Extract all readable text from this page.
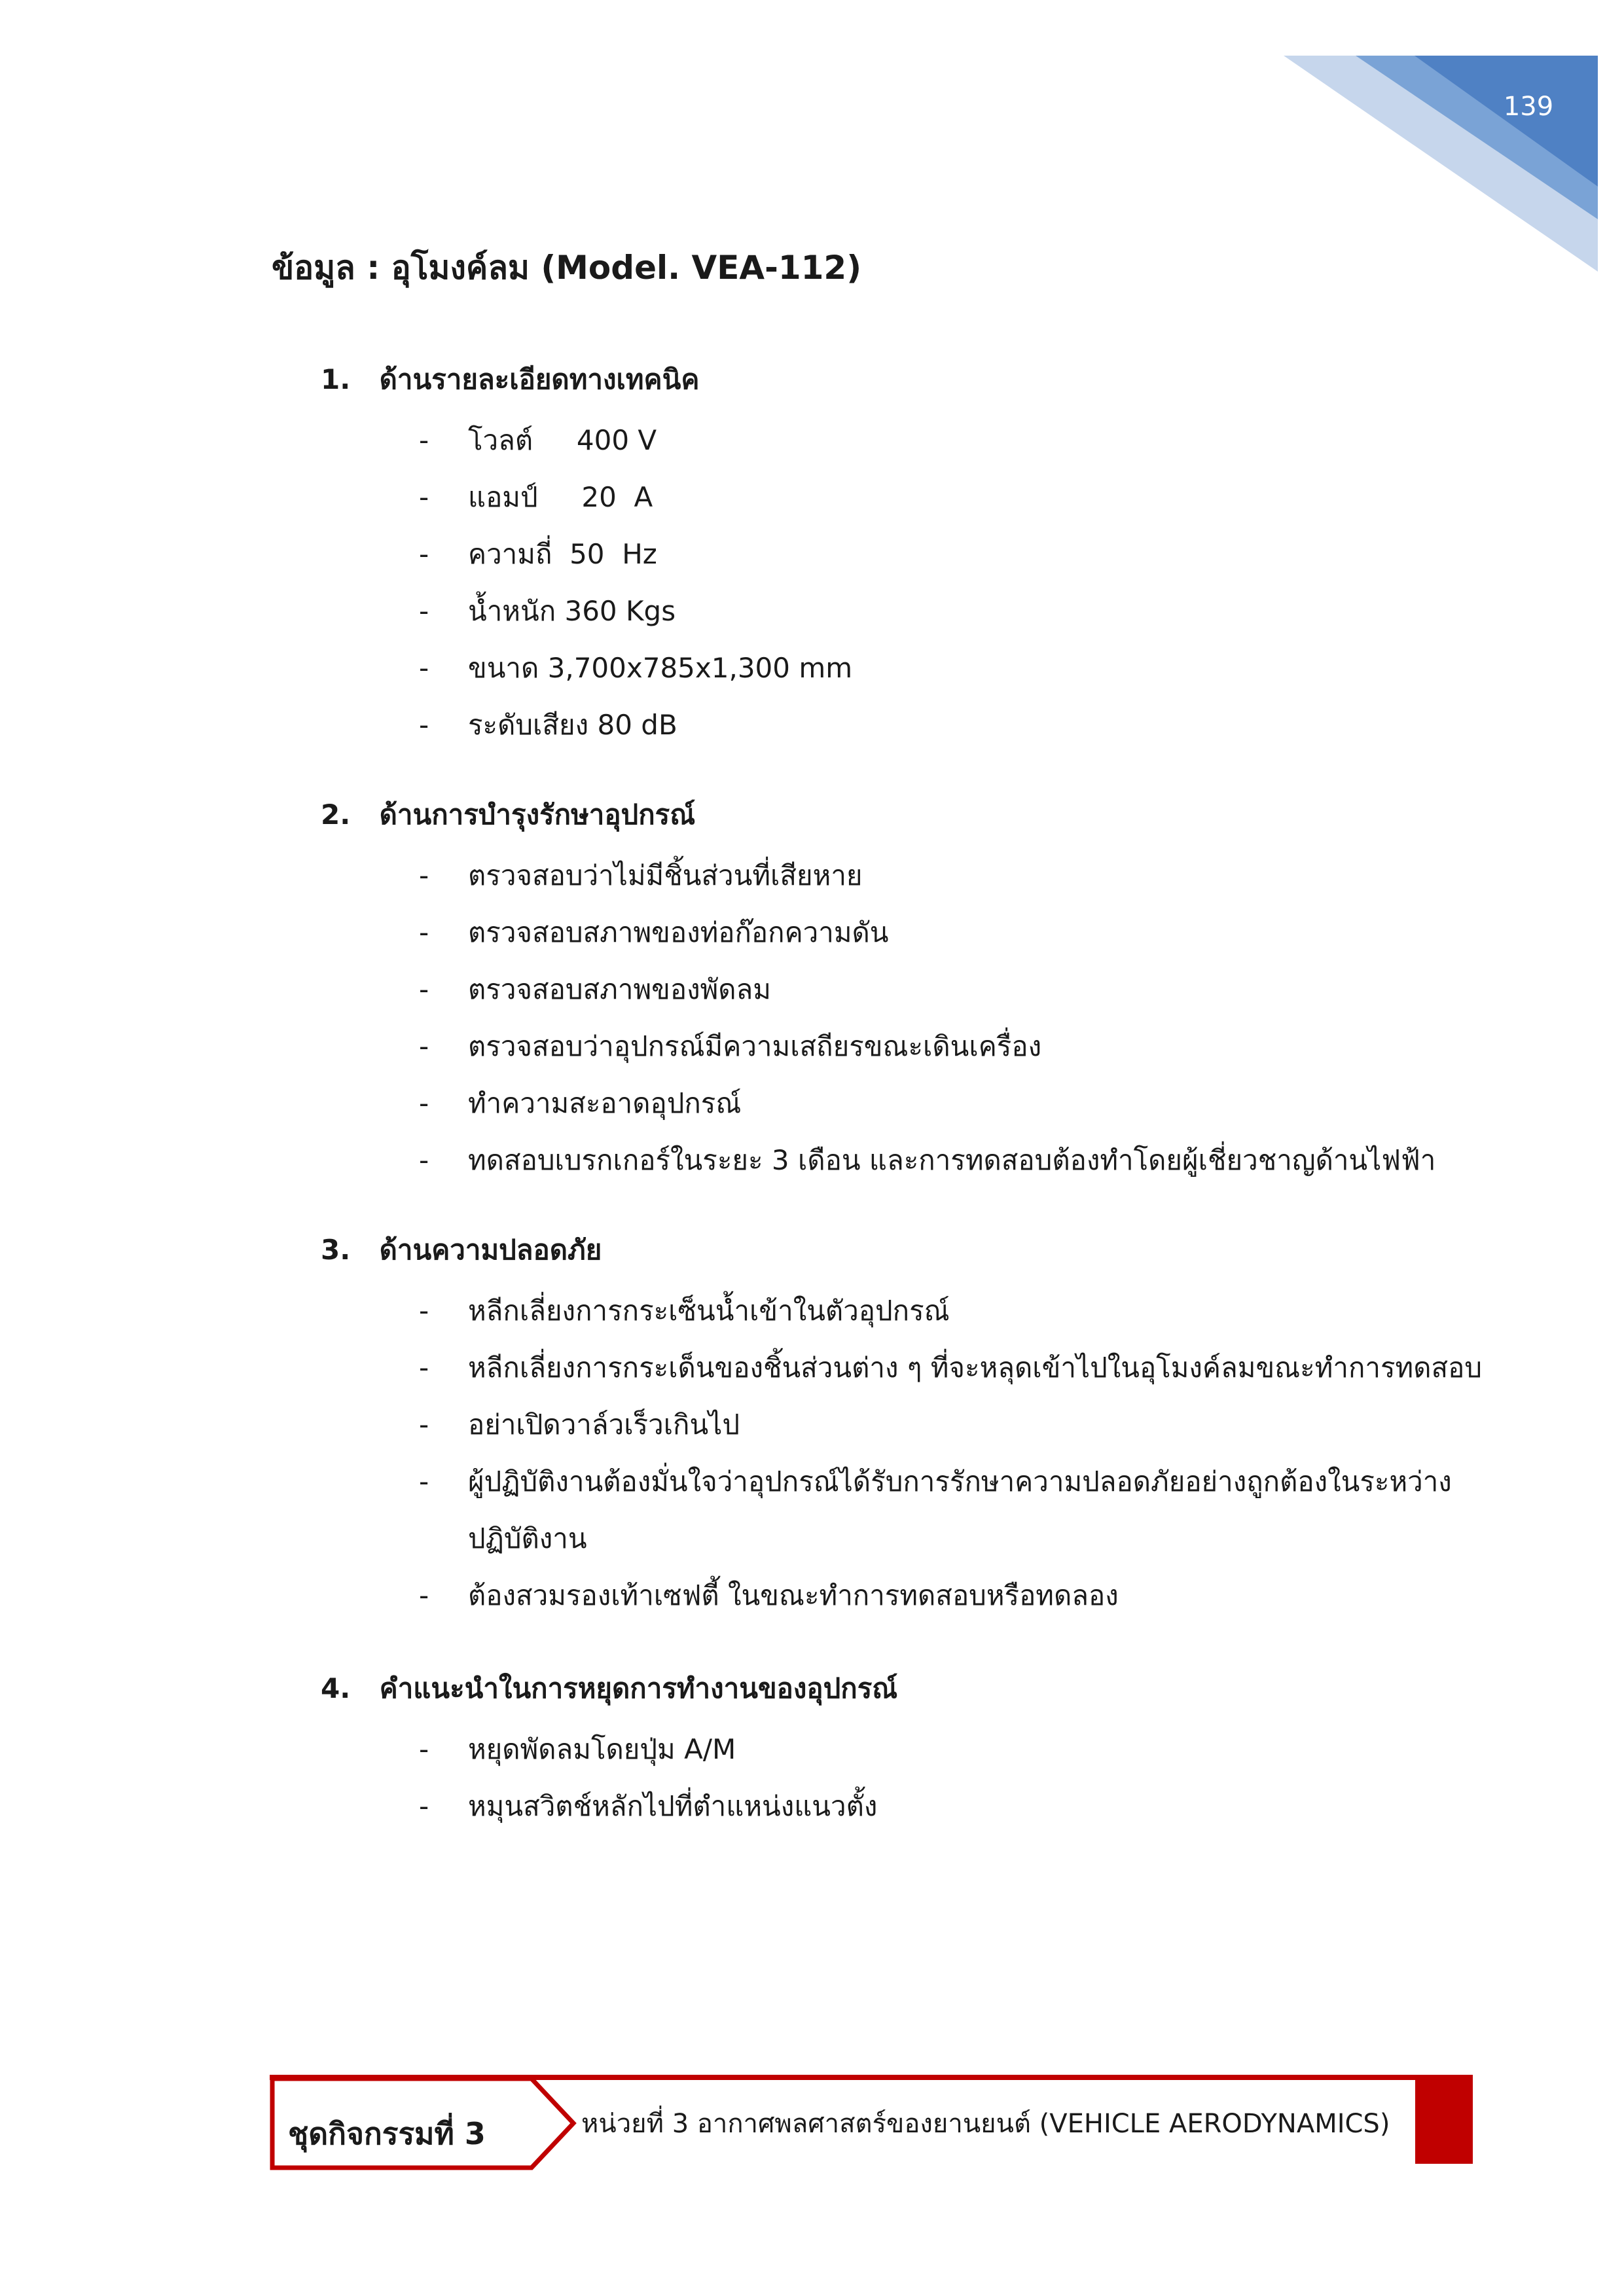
139
ข้อมูล : อุโมงค์ลม (Model. VEA-112)
1. ด้านรายละเอียดทางเทคนิค
- โวลต์     400 V
- แอมป์     20  A
- ความถี่  50  Hz
- น้ำหนัก 360 Kgs
- ขนาด 3,700x785x1,300 mm
- ระดับเสียง 80 dB
2. ด้านการบำรุงรักษาอุปกรณ์
- ตรวจสอบว่าไม่มีชิ้นส่วนที่เสียหาย
- ตรวจสอบสภาพของท่อก๊อกความดัน
- ตรวจสอบสภาพของพัดลม
- ตรวจสอบว่าอุปกรณ์มีความเสถียรขณะเดินเครื่อง
- ทำความสะอาดอุปกรณ์
- ทดสอบเบรกเกอร์ในระยะ 3 เดือน และการทดสอบต้องทำโดยผู้เชี่ยวชาญด้านไฟฟ้า
3. ด้านความปลอดภัย
- หลีกเลี่ยงการกระเซ็นน้ำเข้าในตัวอุปกรณ์
- หลีกเลี่ยงการกระเด็นของชิ้นส่วนต่าง ๆ ที่จะหลุดเข้าไปในอุโมงค์ลมขณะทำการทดสอบ
- อย่าเปิดวาล์วเร็วเกินไป
- ผู้ปฏิบัติงานต้องมั่นใจว่าอุปกรณ์ได้รับการรักษาความปลอดภัยอย่างถูกต้องในระหว่าง
ปฏิบัติงาน
- ต้องสวมรองเท้าเซฟตี้ ในขณะทำการทดสอบหรือทดลอง
4. คำแนะนำในการหยุดการทำงานของอุปกรณ์
- หยุดพัดลมโดยปุ่ม A/M
- หมุนสวิตช์หลักไปที่ตำแหน่งแนวตั้ง
ชุดกิจกรรมที่ 3	หน่วยที่ 3 อากาศพลศาสตร์ของยานยนต์ (VEHICLE AERODYNAMICS)
